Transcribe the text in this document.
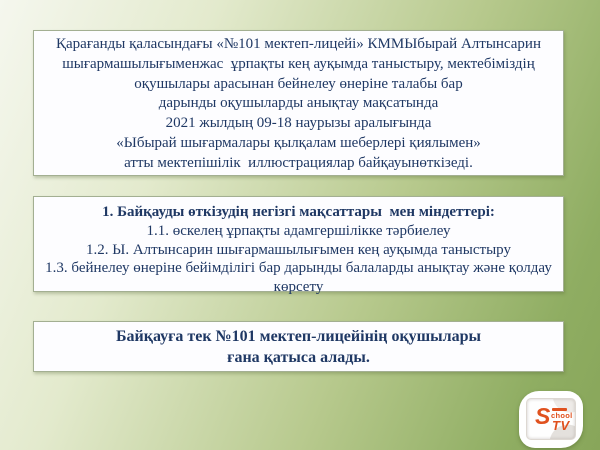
Қарағанды қаласындағы «№101 мектеп-лицейі» КММЫбырай Алтынсарин
шығармашылығыменжас  ұрпақты кең ауқымда таныстыру, мектебіміздің
оқушылары арасынан бейнелеу өнеріне талабы бар
дарынды оқушыларды анықтау мақсатында
2021 жылдың 09-18 наурызы аралығында
«Ыбырай шығармалары қылқалам шеберлері қиялымен»
атты мектепішілік  иллюстрациялар байқауынөткізеді.
1. Байқауды өткізудің негізгі мақсаттары  мен міндеттері:
1.1. өскелең ұрпақты адамгершілікке тәрбиелеу
1.2. Ы. Алтынсарин шығармашылығымен кең ауқымда таныстыру
1.3. бейнелеу өнеріне бейімділігі бар дарынды балаларды анықтау және қолдау
көрсету
Байқауға тек №101 мектеп-лицейінің оқушылары
ғана қатыса алады.
S chool
TV
